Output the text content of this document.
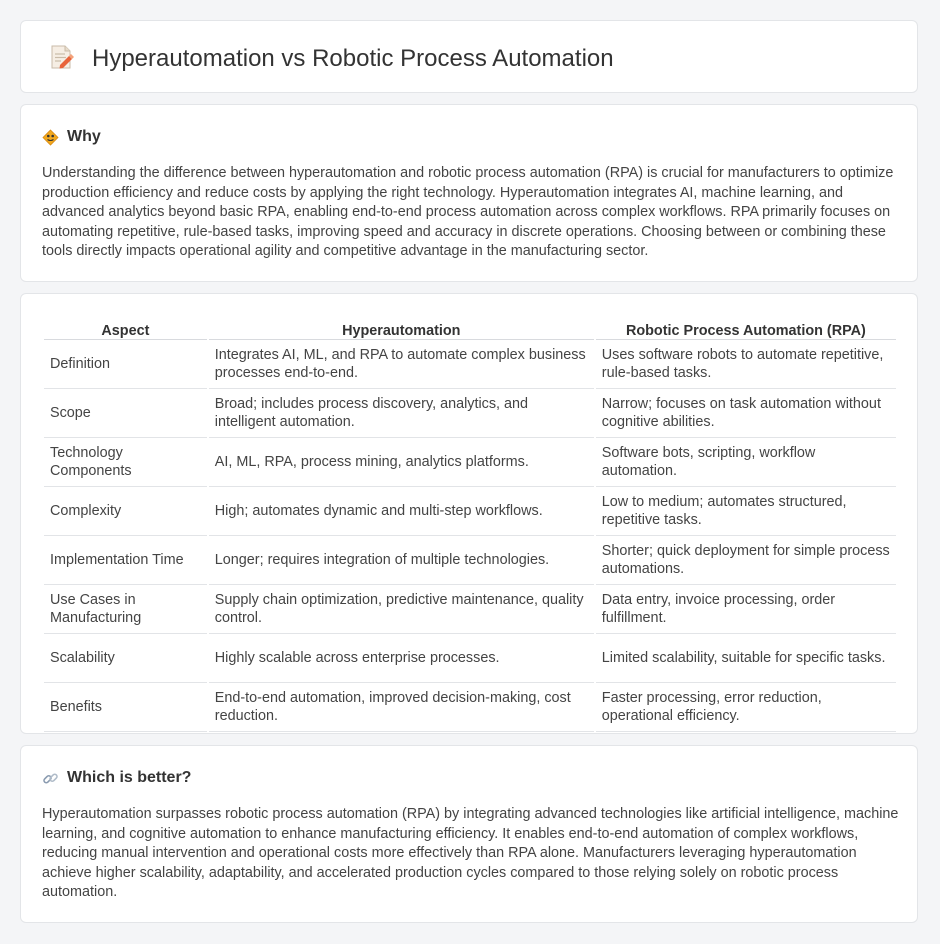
Hyperautomation vs Robotic Process Automation
Why

Understanding the difference between hyperautomation and robotic process automation (RPA) is crucial for manufacturers to optimize production efficiency and reduce costs by applying the right technology. Hyperautomation integrates AI, machine learning, and advanced analytics beyond basic RPA, enabling end-to-end process automation across complex workflows. RPA primarily focuses on automating repetitive, rule-based tasks, improving speed and accuracy in discrete operations. Choosing between or combining these tools directly impacts operational agility and competitive advantage in the manufacturing sector.

Aspect	Hyperautomation	Robotic Process Automation (RPA)
Definition	Integrates AI, ML, and RPA to automate complex business processes end-to-end.	Uses software robots to automate repetitive, rule-based tasks.
Scope	Broad; includes process discovery, analytics, and intelligent automation.	Narrow; focuses on task automation without cognitive abilities.
Technology Components	AI, ML, RPA, process mining, analytics platforms.	Software bots, scripting, workflow automation.
Complexity	High; automates dynamic and multi-step workflows.	Low to medium; automates structured, repetitive tasks.
Implementation Time	Longer; requires integration of multiple technologies.	Shorter; quick deployment for simple process automations.
Use Cases in Manufacturing	Supply chain optimization, predictive maintenance, quality control.	Data entry, invoice processing, order fulfillment.
Scalability	Highly scalable across enterprise processes.	Limited scalability, suitable for specific tasks.
Benefits	End-to-end automation, improved decision-making, cost reduction.	Faster processing, error reduction, operational efficiency.
Which is better?

Hyperautomation surpasses robotic process automation (RPA) by integrating advanced technologies like artificial intelligence, machine learning, and cognitive automation to enhance manufacturing efficiency. It enables end-to-end automation of complex workflows, reducing manual intervention and operational costs more effectively than RPA alone. Manufacturers leveraging hyperautomation achieve higher scalability, adaptability, and accelerated production cycles compared to those relying solely on robotic process automation.
